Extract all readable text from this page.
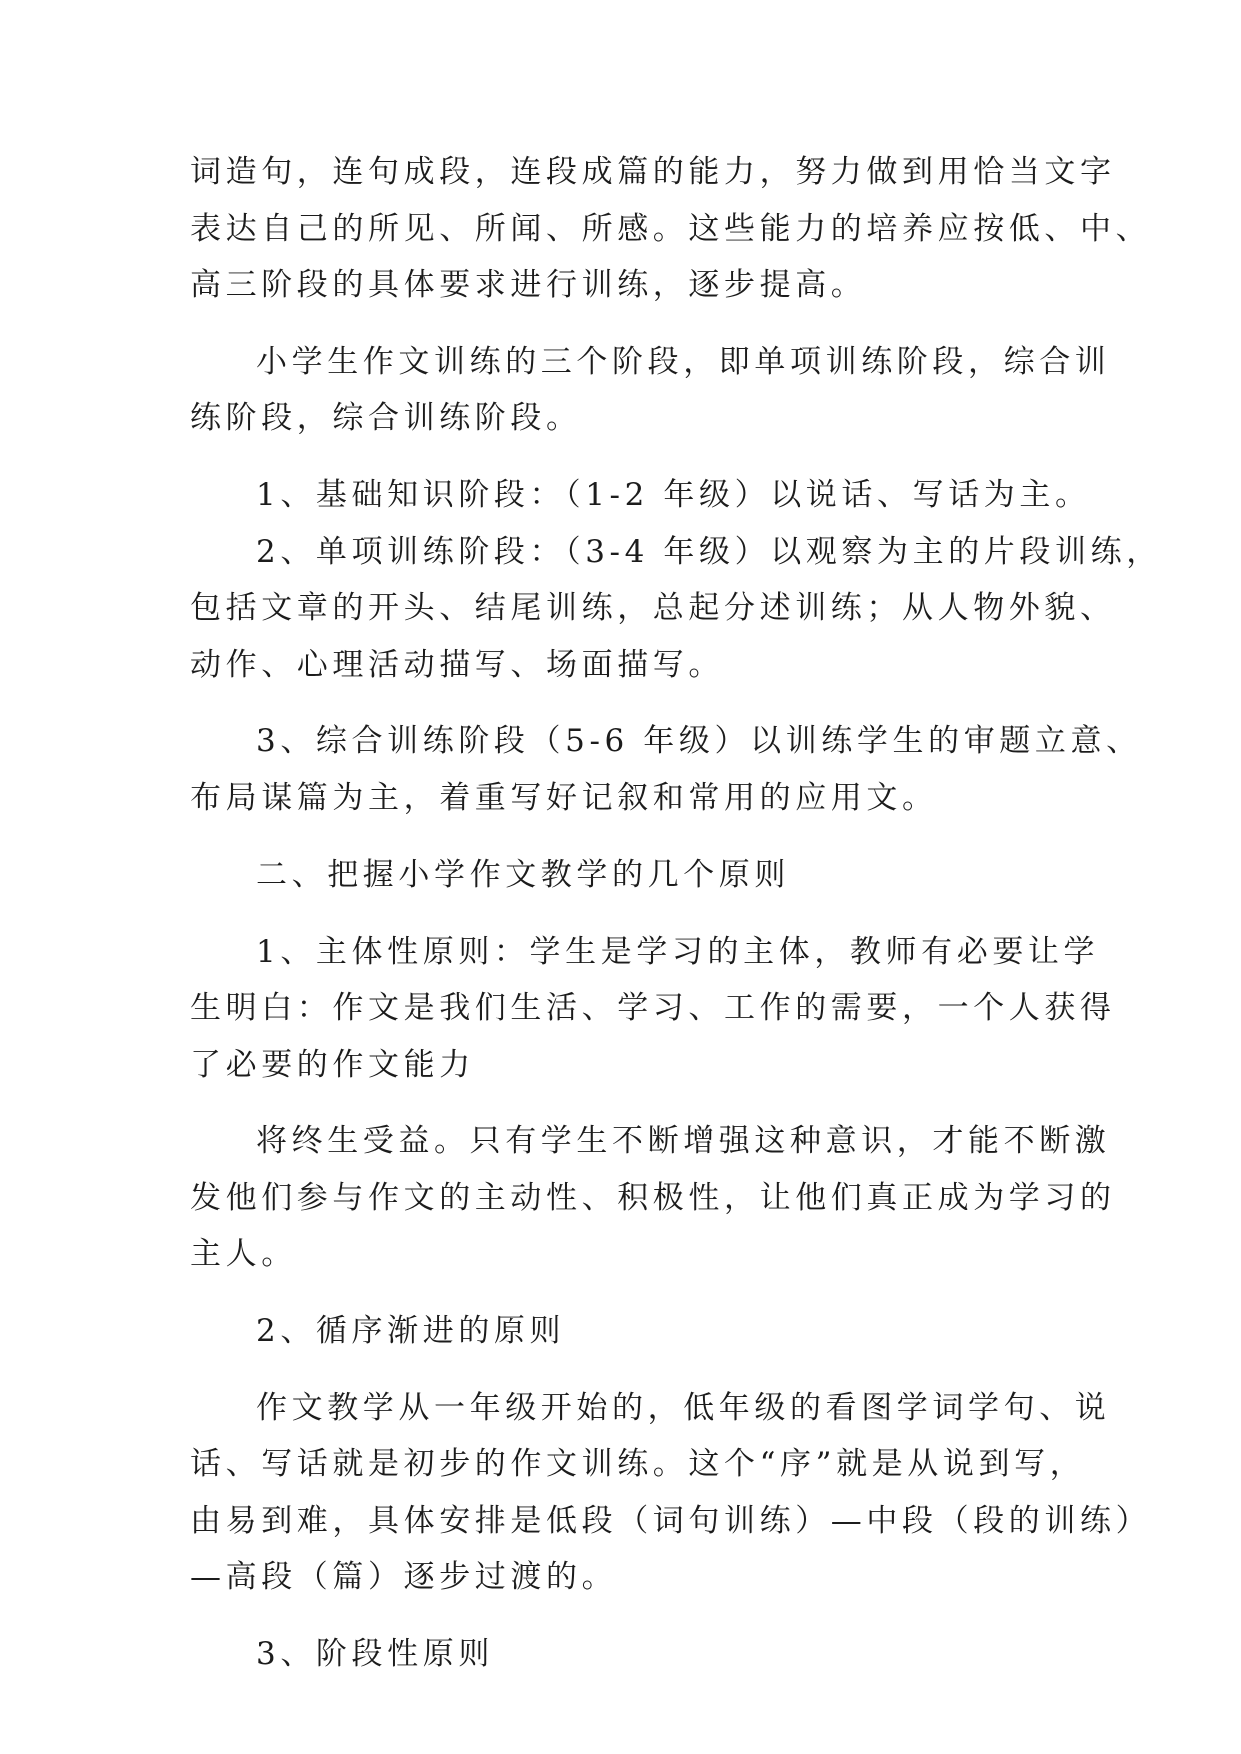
词造句，连句成段，连段成篇的能力，努力做到用恰当文字

表达自己的所见、所闻、所感。这些能力的培养应按低、中、

高三阶段的具体要求进行训练，逐步提高。

小学生作文训练的三个阶段，即单项训练阶段，综合训

练阶段，综合训练阶段。

1、基础知识阶段：（1-2 年级）以说话、写话为主。

2、单项训练阶段：（3-4 年级）以观察为主的片段训练，

包括文章的开头、结尾训练，总起分述训练；从人物外貌、

动作、心理活动描写、场面描写。

3、综合训练阶段（5-6 年级）以训练学生的审题立意、

布局谋篇为主，着重写好记叙和常用的应用文。

二、把握小学作文教学的几个原则

1、主体性原则：学生是学习的主体，教师有必要让学

生明白：作文是我们生活、学习、工作的需要，一个人获得

了必要的作文能力

将终生受益。只有学生不断增强这种意识，才能不断激

发他们参与作文的主动性、积极性，让他们真正成为学习的

主人。

2、循序渐进的原则

作文教学从一年级开始的，低年级的看图学词学句、说

话、写话就是初步的作文训练。这个“序”就是从说到写，

由易到难，具体安排是低段（词句训练）—中段（段的训练）

—高段（篇）逐步过渡的。

3、阶段性原则
